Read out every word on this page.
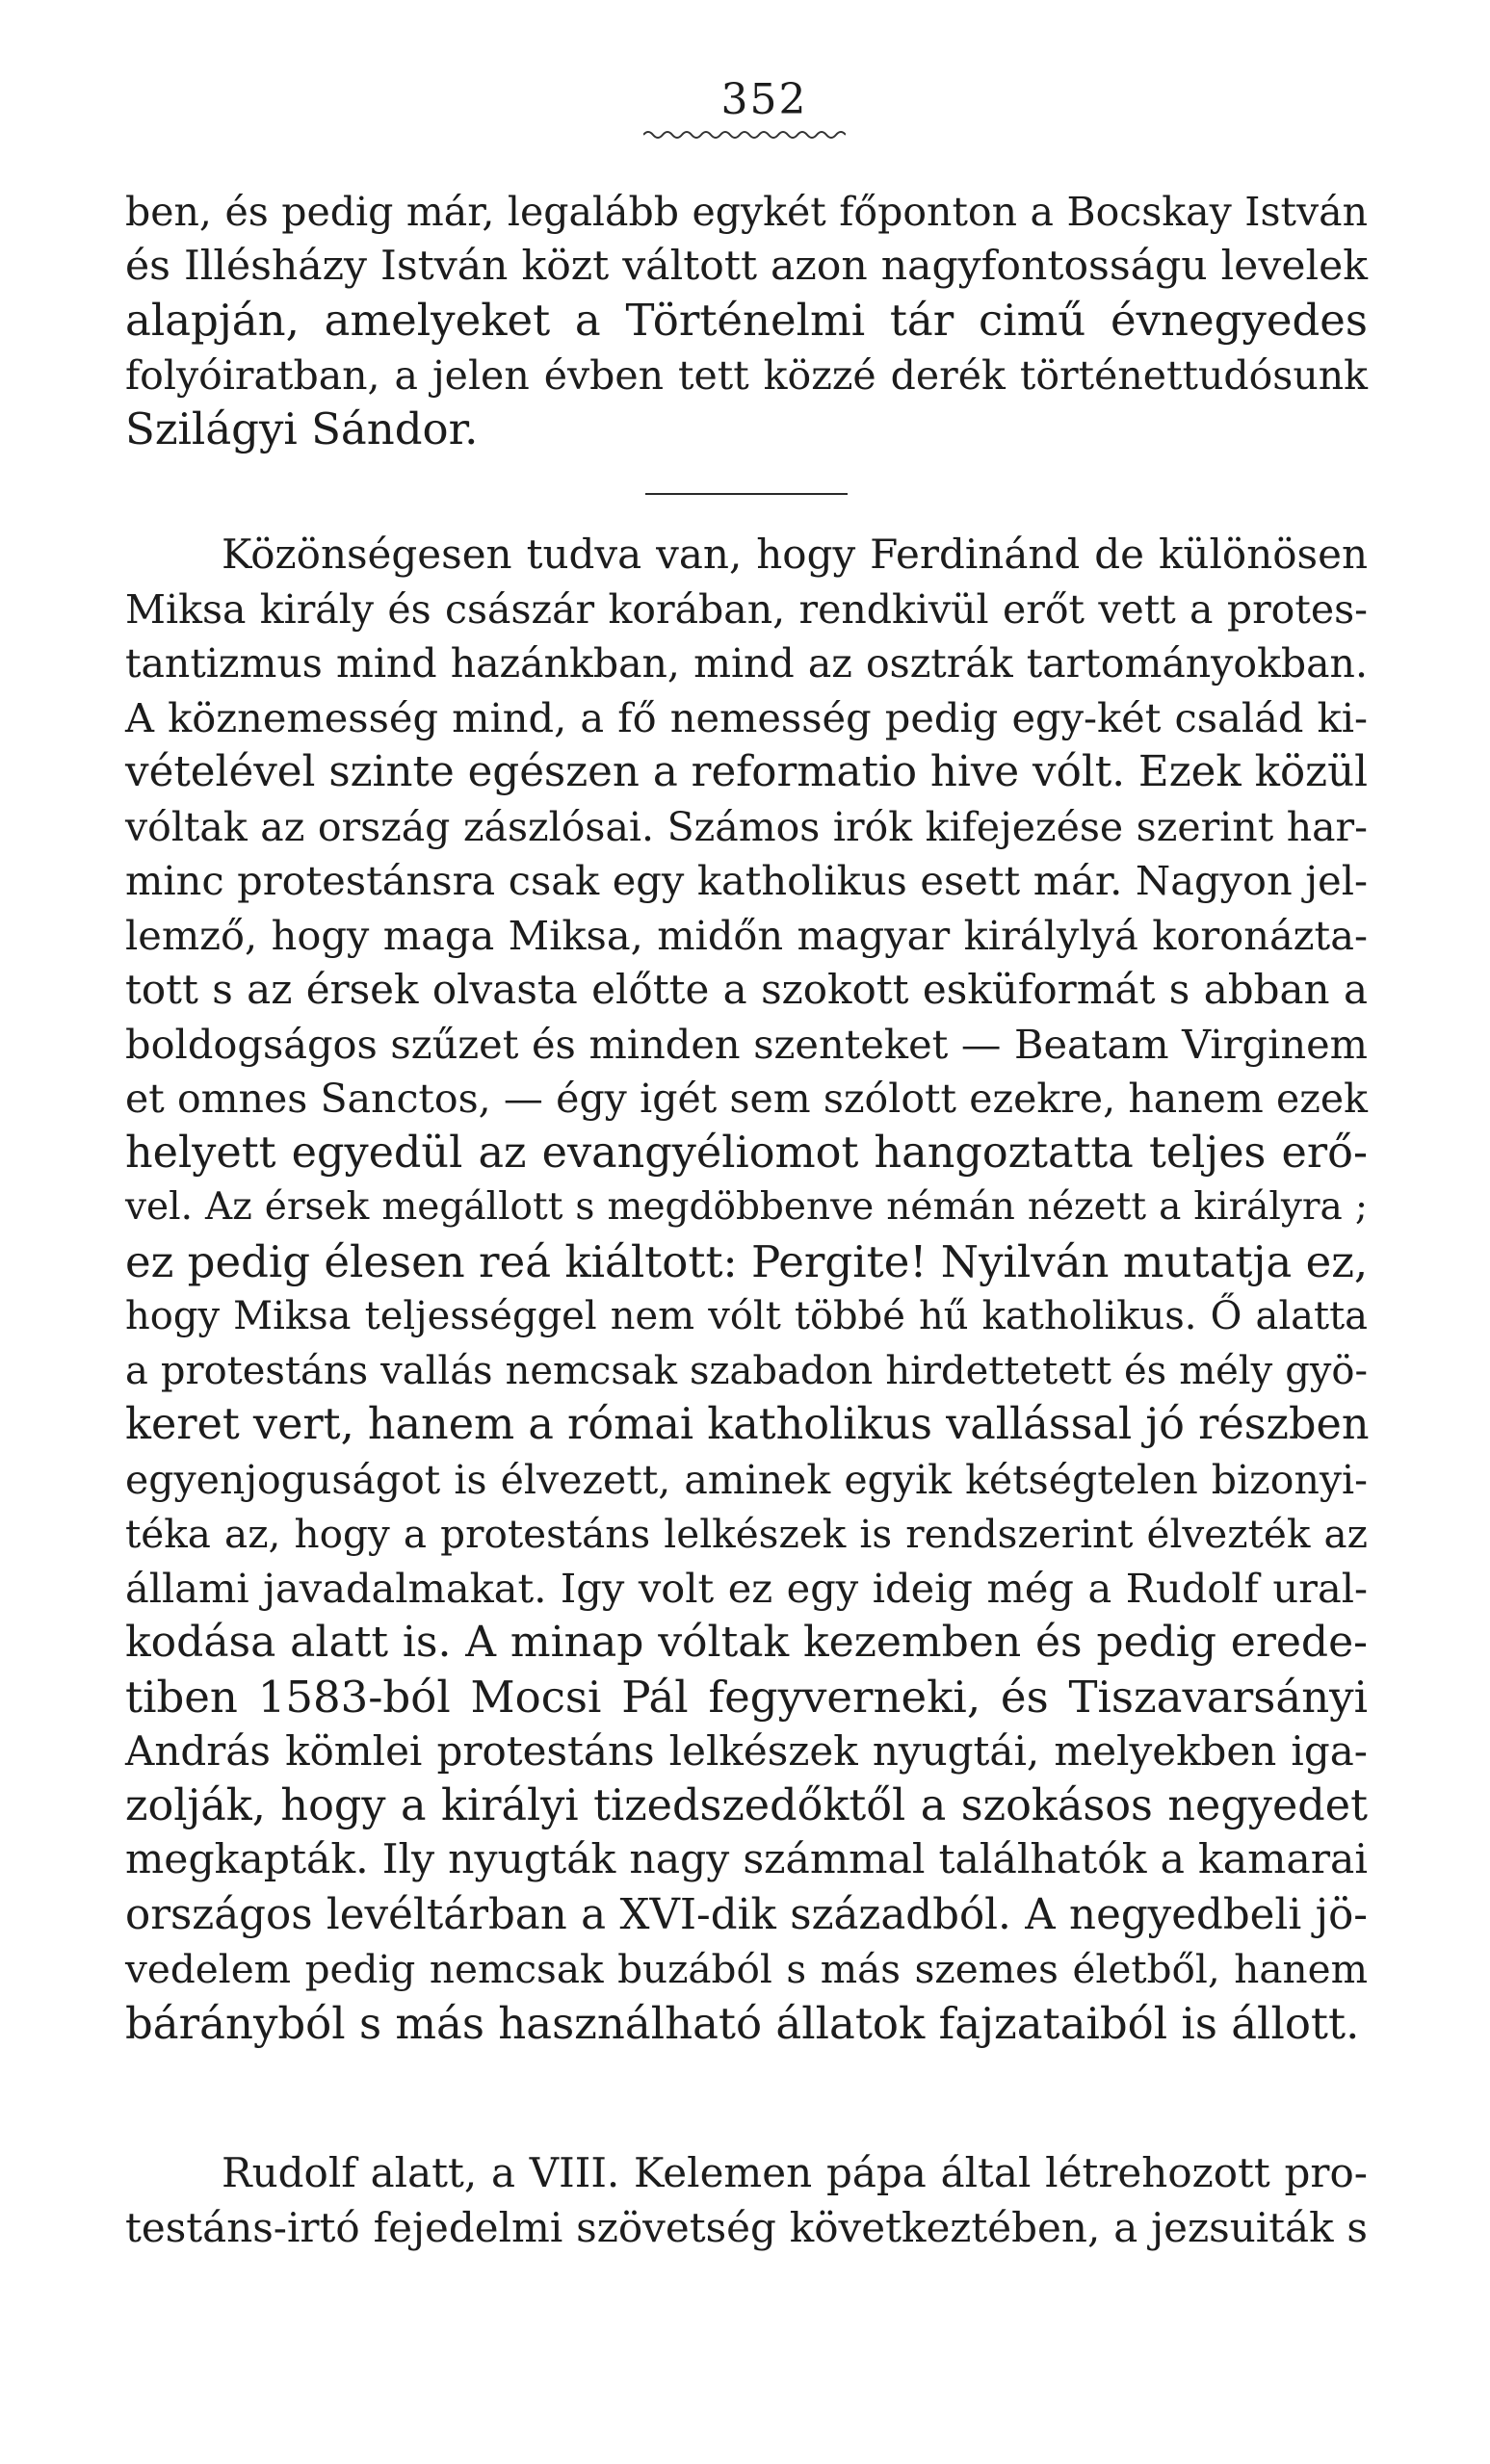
352
ben, és pedig már, legalább egykét főponton a Bocskay István
és Illésházy István közt váltott azon nagyfontosságu levelek
alapján, amelyeket a Történelmi tár cimű évnegyedes
folyóiratban, a jelen évben tett közzé derék történettudósunk
Szilágyi Sándor.
Közönségesen tudva van, hogy Ferdinánd de különösen
Miksa király és császár korában, rendkivül erőt vett a protes-
tantizmus mind hazánkban, mind az osztrák tartományokban.
A köznemesség mind, a fő nemesség pedig egy-két család ki-
vételével szinte egészen a reformatio hive vólt. Ezek közül
vóltak az ország zászlósai. Számos irók kifejezése szerint har-
minc protestánsra csak egy katholikus esett már. Nagyon jel-
lemző, hogy maga Miksa, midőn magyar királylyá koronázta-
tott s az érsek olvasta előtte a szokott esküformát s abban a
boldogságos szűzet és minden szenteket — Beatam Virginem
et omnes Sanctos, — égy igét sem szólott ezekre, hanem ezek
helyett egyedül az evangyéliomot hangoztatta teljes erő-
vel. Az érsek megállott s megdöbbenve némán nézett a királyra ;
ez pedig élesen reá kiáltott: Pergite! Nyilván mutatja ez,
hogy Miksa teljességgel nem vólt többé hű katholikus. Ő alatta
a protestáns vallás nemcsak szabadon hirdettetett és mély gyö-
keret vert, hanem a római katholikus vallással jó részben
egyenjoguságot is élvezett, aminek egyik kétségtelen bizonyi-
téka az, hogy a protestáns lelkészek is rendszerint élvezték az
állami javadalmakat. Igy volt ez egy ideig még a Rudolf ural-
kodása alatt is. A minap vóltak kezemben és pedig erede-
tiben 1583-ból Mocsi Pál fegyverneki, és Tiszavarsányi
András kömlei protestáns lelkészek nyugtái, melyekben iga-
zolják, hogy a királyi tizedszedőktől a szokásos negyedet
megkapták. Ily nyugták nagy számmal találhatók a kamarai
országos levéltárban a XVI-dik századból. A negyedbeli jö-
vedelem pedig nemcsak buzából s más szemes életből, hanem
bárányból s más használható állatok fajzataiból is állott.
Rudolf alatt, a VIII. Kelemen pápa által létrehozott pro-
testáns-irtó fejedelmi szövetség következtében, a jezsuiták s
